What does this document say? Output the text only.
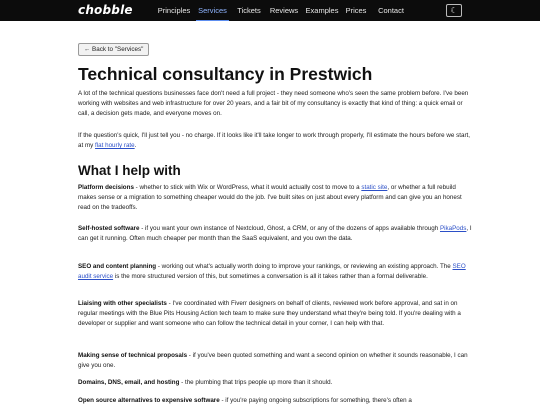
chobble	Principles Services	Tickets	Reviews Examples Prices Contact	☾
← Back to "Services"
Technical consultancy in Prestwich

A lot of the technical questions businesses face don't need a full project - they need someone who's seen the same problem before. I've been working with websites and web infrastructure for over 20 years, and a fair bit of my consultancy is exactly that kind of thing: a quick email or call, a decision gets made, and everyone moves on.

If the question's quick, I'll just tell you - no charge. If it looks like it'll take longer to work through properly, I'll estimate the hours before we start, at my flat hourly rate.

What I help with

Platform decisions - whether to stick with Wix or WordPress, what it would actually cost to move to a static site, or whether a full rebuild makes sense or a migration to something cheaper would do the job. I've built sites on just about every platform and can give you an honest read on the tradeoffs.

Self-hosted software - if you want your own instance of Nextcloud, Ghost, a CRM, or any of the dozens of apps available through PikaPods, I can get it running. Often much cheaper per month than the SaaS equivalent, and you own the data.

SEO and content planning - working out what's actually worth doing to improve your rankings, or reviewing an existing approach. The SEO audit service is the more structured version of this, but sometimes a conversation is all it takes rather than a formal deliverable.

Liaising with other specialists - I've coordinated with Fiverr designers on behalf of clients, reviewed work before approval, and sat in on regular meetings with the Blue Pits Housing Action tech team to make sure they understand what they're being told. If you're dealing with a developer or supplier and want someone who can follow the technical detail in your corner, I can help with that.

Making sense of technical proposals - if you've been quoted something and want a second opinion on whether it sounds reasonable, I can give you one.

Domains, DNS, email, and hosting - the plumbing that trips people up more than it should.

Open source alternatives to expensive software - if you're paying ongoing subscriptions for something, there's often a
